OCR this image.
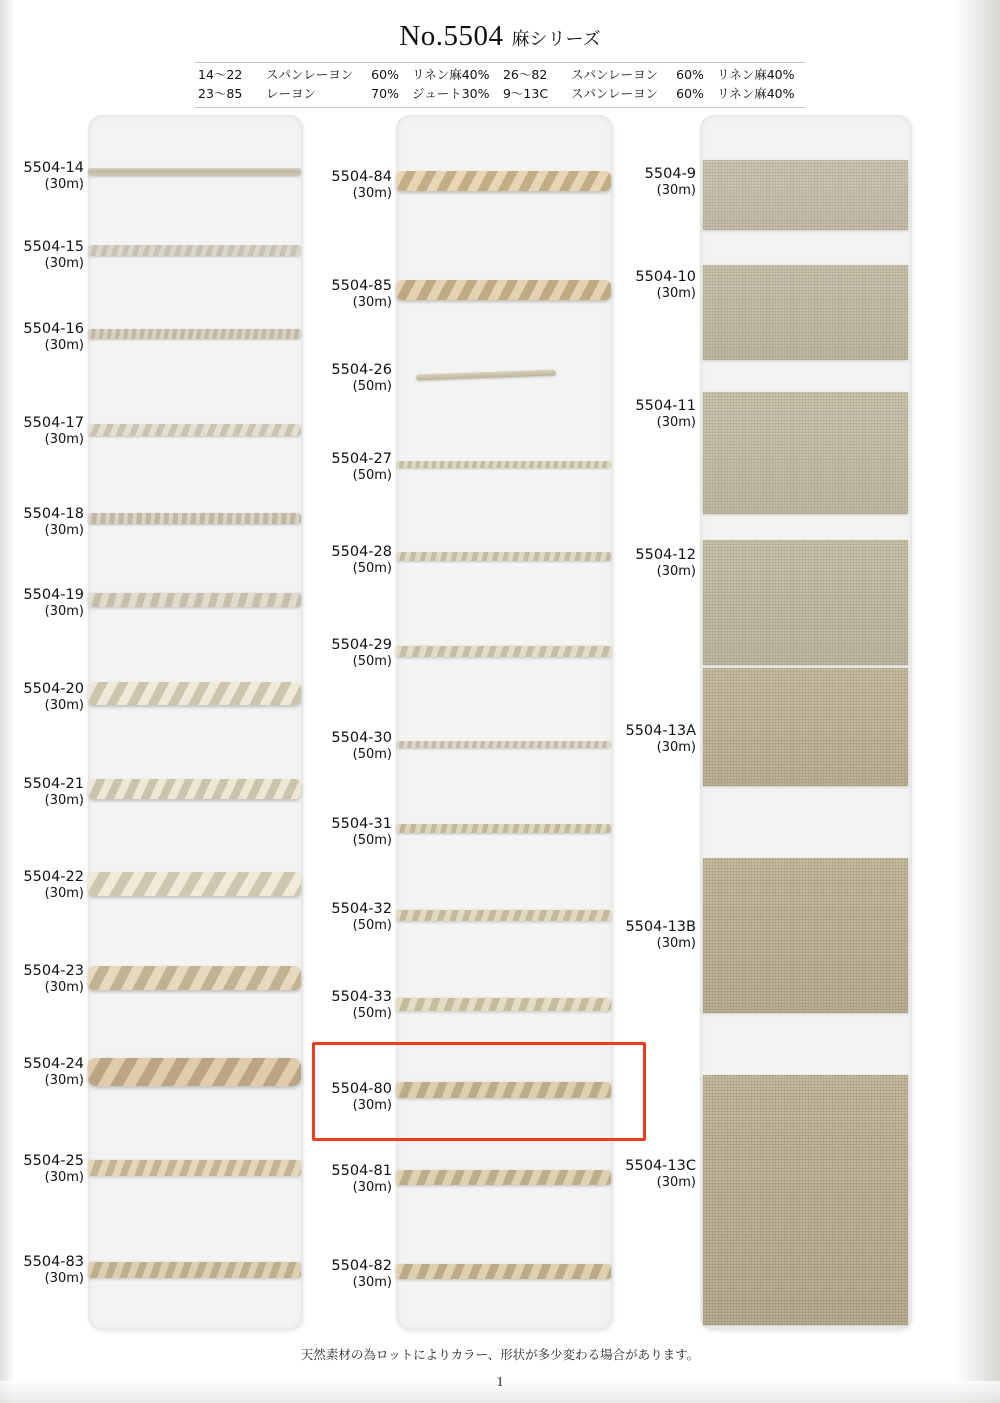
No.5504 麻シリーズ
14〜22	スパンレーヨン	60%	リネン麻40%	26〜82	スパンレーヨン	60%	リネン麻40%
23〜85	レーヨン	70%	ジュート30%	9〜13C	スパンレーヨン	60%	リネン麻40%
5504-14
(30m)
5504-15
(30m)
5504-16
(30m)
5504-17
(30m)
5504-18
(30m)
5504-19
(30m)
5504-20
(30m)
5504-21
(30m)
5504-22
(30m)
5504-23
(30m)
5504-24
(30m)
5504-25
(30m)
5504-83
(30m)
5504-84
(30m)
5504-85
(30m)
5504-26
(50m)
5504-27
(50m)
5504-28
(50m)
5504-29
(50m)
5504-30
(50m)
5504-31
(50m)
5504-32
(50m)
5504-33
(50m)
5504-80
(30m)
5504-81
(30m)
5504-82
(30m)
5504-9
(30m)
5504-10
(30m)
5504-11
(30m)
5504-12
(30m)
5504-13A
(30m)
5504-13B
(30m)
5504-13C
(30m)
天然素材の為ロットによりカラー、形状が多少変わる場合があります。
1
